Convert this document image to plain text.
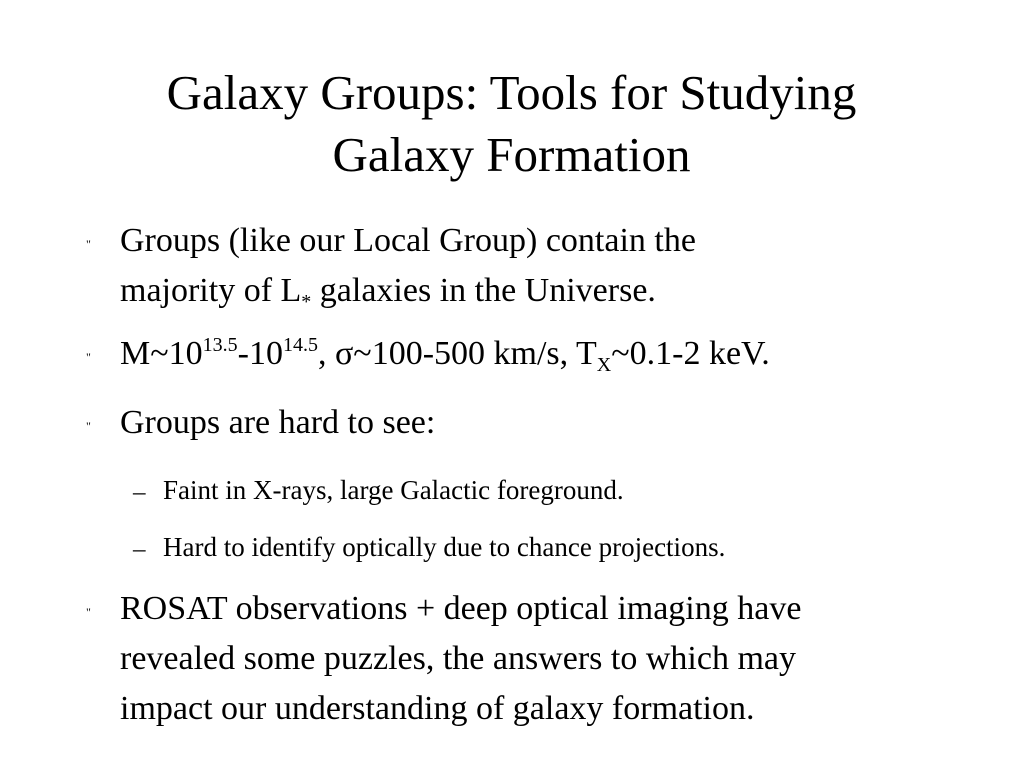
Galaxy Groups: Tools for Studying
Galaxy Formation
" Groups (like our Local Group) contain the
majority of $L_*$ galaxies in the Universe.
" $M\sim 10^{13.5}-10^{14.5}$, σ~100-500 km/s, $T_X\sim 0.1-2$ keV.
" Groups are hard to see:
– Faint in X-rays, large Galactic foreground.
– Hard to identify optically due to chance projections.
" ROSAT observations + deep optical imaging have
revealed some puzzles, the answers to which may
impact our understanding of galaxy formation.
